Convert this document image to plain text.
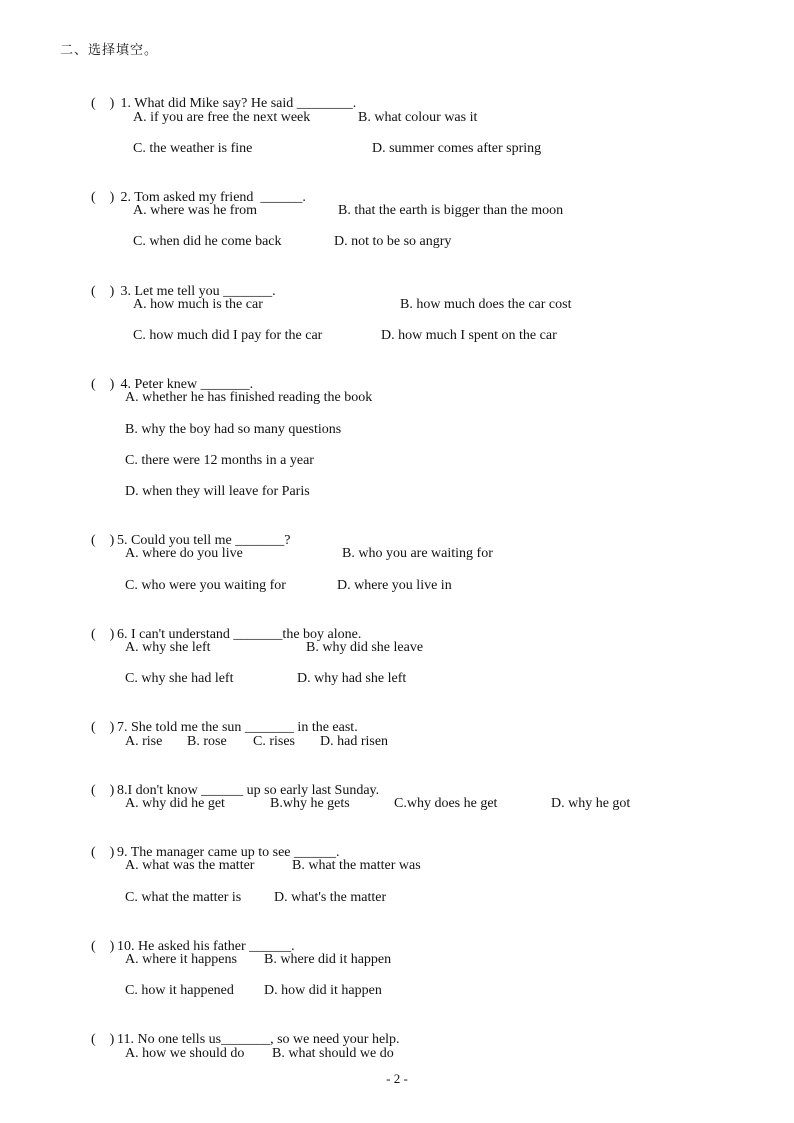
二、选择填空。

( ) 1. What did Mike say? He said ________.

A. if you are free the next week	B. what colour was it
C. the weather is fine	D. summer comes after spring

( ) 2. Tom asked my friend  ______.

A. where was he from	B. that the earth is bigger than the moon
C. when did he come back	D. not to be so angry

( ) 3. Let me tell you _______.

A. how much is the car	B. how much does the car cost
C. how much did I pay for the car	D. how much I spent on the car

( ) 4. Peter knew _______.

A. whether he has finished reading the book
B. why the boy had so many questions
C. there were 12 months in a year
D. when they will leave for Paris

( ) 5. Could you tell me _______?

A. where do you live	B. who you are waiting for
C. who were you waiting for	D. where you live in

( ) 6. I can't understand _______the boy alone.

A. why she left	B. why did she leave
C. why she had left	D. why had she left

( ) 7. She told me the sun _______ in the east.

A. rise B. rose C. rises D. had risen

( ) 8.I don't know ______ up so early last Sunday.

A. why did he get	B.why he gets	C.why does he get	D. why he got

( ) 9. The manager came up to see ______.

A. what was the matter	B. what the matter was
C. what the matter is D. what's the matter

( ) 10. He asked his father ______.

A. where it happens B. where did it happen
C. how it happened D. how did it happen

( ) 11. No one tells us_______, so we need your help.

A. how we should do B. what should we do
- 2 -
